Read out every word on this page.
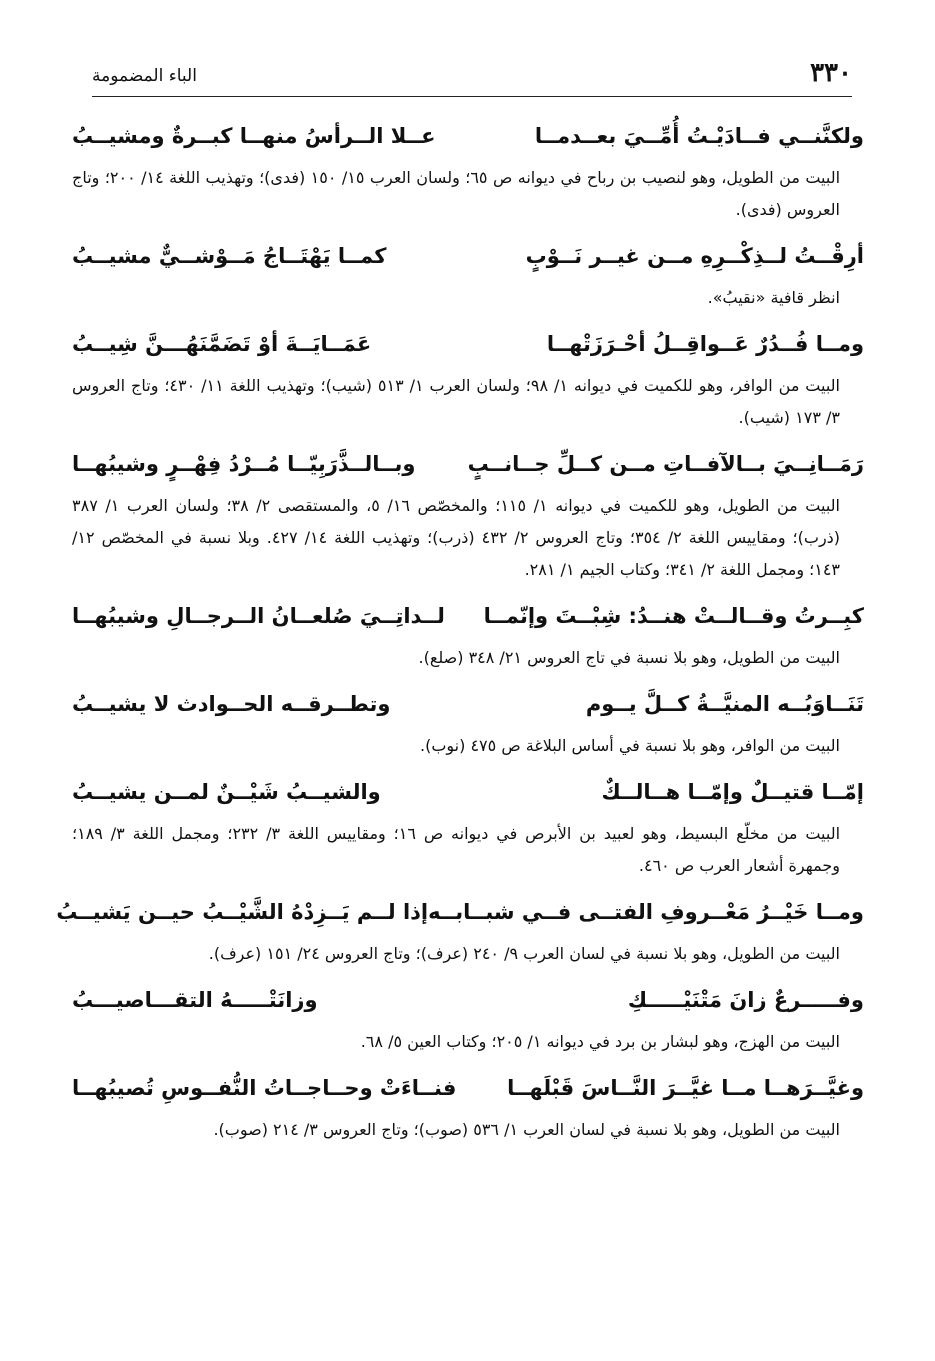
٣٣٠
الباء المضمومة
ولكنَّنــي فــادَيْـتُ أُمِّــيَ بعــدمــا
عــلا الــرأسُ منهــا كبــرةٌ ومشيــبُ
البيت من الطويل، وهو لنصيب بن رباح في ديوانه ص ٦٥؛ ولسان العرب ١٥/ ١٥٠ (فدى)؛ وتهذيب اللغة ١٤/ ٢٠٠؛ وتاج العروس (فدى).
أرِقْــتُ لــذِكْــرِهِ مــن غيــر نَــوْبٍ
كمــا يَهْتَــاجُ مَــوْشــيٌّ مشيــبُ
انظر قافية «نقيبُ».
ومــا فُــدُرٌ عَــواقِــلُ أحْـرَزَتْهــا
عَمَــايَــةَ أوْ تَضَمَّنَهُـــنَّ شِيــبُ
البيت من الوافر، وهو للكميت في ديوانه ١/ ٩٨؛ ولسان العرب ١/ ٥١٣ (شيب)؛ وتهذيب اللغة ١١/ ٤٣٠؛ وتاج العروس ٣/ ١٧٣ (شيب).
رَمَــانِــيَ بــالآفــاتِ مــن كــلِّ جــانــبٍ
وبــالــذَّرَبِيّــا مُــرْدُ فِهْــرٍ وشيبُهــا
البيت من الطويل، وهو للكميت في ديوانه ١/ ١١٥؛ والمخصّص ١٦/ ٥، والمستقصى ٢/ ٣٨؛ ولسان العرب ١/ ٣٨٧ (ذرب)؛ ومقاييس اللغة ٢/ ٣٥٤؛ وتاج العروس ٢/ ٤٣٢ (ذرب)؛ وتهذيب اللغة ١٤/ ٤٢٧. وبلا نسبة في المخصّص ١٢/ ١٤٣؛ ومجمل اللغة ٢/ ٣٤١؛ وكتاب الجيم ١/ ٢٨١.
كبِــرتُ وقــالــتْ هنــدُ: شِبْــتَ وإنّمــا
لــداتِــيَ صُلعــانُ الــرجــالِ وشيبُهــا
البيت من الطويل، وهو بلا نسبة في تاج العروس ٢١/ ٣٤٨ (صلع).
تَنَــاوَبُــه المنيَّــةُ كــلَّ يــوم
وتطــرقــه الحــوادث لا يشيــبُ
البيت من الوافر، وهو بلا نسبة في أساس البلاغة ص ٤٧٥ (نوب).
إمّــا قتيــلٌ وإمّــا هــالــكٌ
والشيــبُ شَيْــنٌ لمــن يشيــبُ
البيت من مخلّع البسيط، وهو لعبيد بن الأبرص في ديوانه ص ١٦؛ ومقاييس اللغة ٣/ ٢٣٢؛ ومجمل اللغة ٣/ ١٨٩؛ وجمهرة أشعار العرب ص ٤٦٠.
ومــا خَيْــرُ مَعْــروفِ الفتــى فــي شبــابــه
إذا لــم يَــزِدْهُ الشَّيْــبُ حيــن يَشيــبُ
البيت من الطويل، وهو بلا نسبة في لسان العرب ٩/ ٢٤٠ (عرف)؛ وتاج العروس ٢٤/ ١٥١ (عرف).
وفـــــرعٌ زانَ مَتْنَيْـــــكِ
وزانَتْـــــهُ التقـــاصيـــبُ
البيت من الهزج، وهو لبشار بن برد في ديوانه ١/ ٢٠٥؛ وكتاب العين ٥/ ٦٨.
وغيَّــرَهــا مــا غيَّــرَ النَّــاسَ قَبْلَهــا
فنــاءَتْ وحــاجــاتُ النُّفــوسِ تُصيبُهــا
البيت من الطويل، وهو بلا نسبة في لسان العرب ١/ ٥٣٦ (صوب)؛ وتاج العروس ٣/ ٢١٤ (صوب).
